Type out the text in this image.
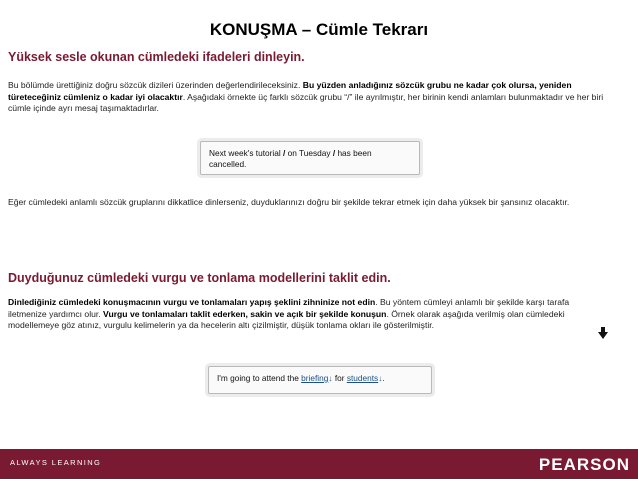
KONUŞMA – Cümle Tekrarı
Yüksek sesle okunan cümledeki ifadeleri dinleyin.
Bu bölümde ürettiğiniz doğru sözcük dizileri üzerinden değerlendirileceksiniz. Bu yüzden anladığınız sözcük grubu ne kadar çok olursa, yeniden türeteceğiniz cümleniz o kadar iyi olacaktır. Aşağıdaki örnekte üç farklı sözcük grubu “/” ile ayrılmıştır, her birinin kendi anlamları bulunmaktadır ve her biri cümle içinde ayrı mesaj taşımaktadırlar.
Next week's tutorial / on Tuesday / has been cancelled.
Eğer cümledeki anlamlı sözcük gruplarını dikkatlice dinlerseniz, duyduklarınızı doğru bir şekilde tekrar etmek için daha yüksek bir şansınız olacaktır.
Duyduğunuz cümledeki vurgu ve tonlama modellerini taklit edin.
Dinlediğiniz cümledeki konuşmacının vurgu ve tonlamaları yapış şeklini zihninize not edin. Bu yöntem cümleyi anlamlı bir şekilde karşı tarafa iletmenize yardımcı olur. Vurgu ve tonlamaları taklit ederken, sakin ve açık bir şekilde konuşun. Örnek olarak aşağıda verilmiş olan cümledeki modellemeye göz atınız, vurgulu kelimelerin ya da hecelerin altı çizilmiştir, düşük tonlama okları ile gösterilmiştir.
I'm going to attend the briefing↓ for students↓.
ALWAYS LEARNING	PEARSON
